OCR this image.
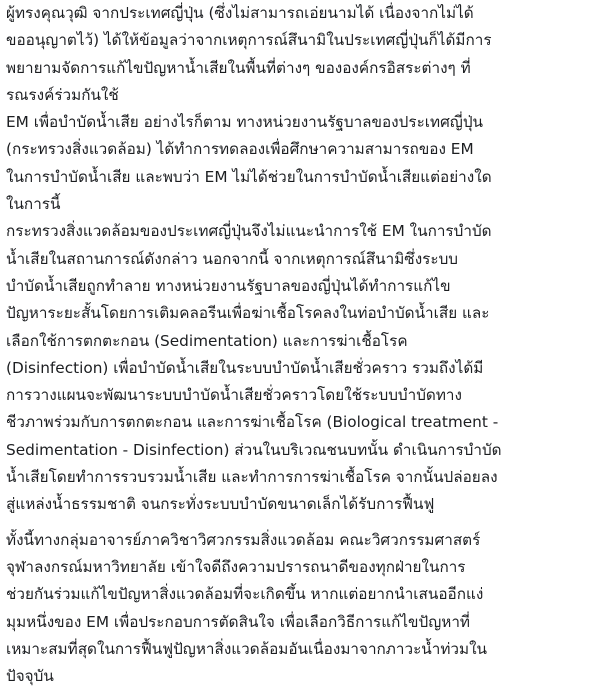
ผู้ทรงคุณวุฒิ จากประเทศญี่ปุ่น (ซึ่งไม่สามารถเอ่ยนามได้ เนื่องจากไม่ได้
ขออนุญาตไว้) ได้ให้ข้อมูลว่าจากเหตุการณ์สึนามิในประเทศญี่ปุ่นก็ได้มีการ
พยายามจัดการแก้ไขปัญหาน้ำเสียในพื้นที่ต่างๆ ขององค์กรอิสระต่างๆ ที่
รณรงค์ร่วมกันใช้

EM เพื่อบำบัดน้ำเสีย อย่างไรก็ตาม ทางหน่วยงานรัฐบาลของประเทศญี่ปุ่น
(กระทรวงสิ่งแวดล้อม) ได้ทำการทดลองเพื่อศึกษาความสามารถของ EM
ในการบำบัดน้ำเสีย และพบว่า EM ไม่ได้ช่วยในการบำบัดน้ำเสียแต่อย่างใด
ในการนี้

กระทรวงสิ่งแวดล้อมของประเทศญี่ปุ่นจึงไม่แนะนำการใช้ EM ในการบำบัด
น้ำเสียในสถานการณ์ดังกล่าว นอกจากนี้ จากเหตุการณ์สึนามิซึ่งระบบ
บำบัดน้ำเสียถูกทำลาย ทางหน่วยงานรัฐบาลของญี่ปุ่นได้ทำการแก้ไข
ปัญหาระยะสั้นโดยการเติมคลอรีนเพื่อฆ่าเชื้อโรคลงในท่อบำบัดน้ำเสีย และ
เลือกใช้การตกตะกอน (Sedimentation) และการฆ่าเชื้อโรค
(Disinfection) เพื่อบำบัดน้ำเสียในระบบบำบัดน้ำเสียชั่วคราว รวมถึงได้มี
การวางแผนจะพัฒนาระบบบำบัดน้ำเสียชั่วคราวโดยใช้ระบบบำบัดทาง
ชีวภาพร่วมกับการตกตะกอน และการฆ่าเชื้อโรค (Biological treatment -
Sedimentation - Disinfection) ส่วนในบริเวณชนบทนั้น ดำเนินการบำบัด
น้ำเสียโดยทำการรวบรวมน้ำเสีย และทำการการฆ่าเชื้อโรค จากนั้นปล่อยลง
สู่แหล่งน้ำธรรมชาติ จนกระทั่งระบบบำบัดขนาดเล็กได้รับการฟื้นฟู

ทั้งนี้ทางกลุ่มอาจารย์ภาควิชาวิศวกรรมสิ่งแวดล้อม คณะวิศวกรรมศาสตร์
จุฬาลงกรณ์มหาวิทยาลัย เข้าใจดีถึงความปรารถนาดีของทุกฝ่ายในการ
ช่วยกันร่วมแก้ไขปัญหาสิ่งแวดล้อมที่จะเกิดขึ้น หากแต่อยากนำเสนออีกแง่
มุมหนึ่งของ EM เพื่อประกอบการตัดสินใจ เพื่อเลือกวิธีการแก้ไขปัญหาที่
เหมาะสมที่สุดในการฟื้นฟูปัญหาสิ่งแวดล้อมอันเนื่องมาจากภาวะน้ำท่วมใน
ปัจจุบัน
